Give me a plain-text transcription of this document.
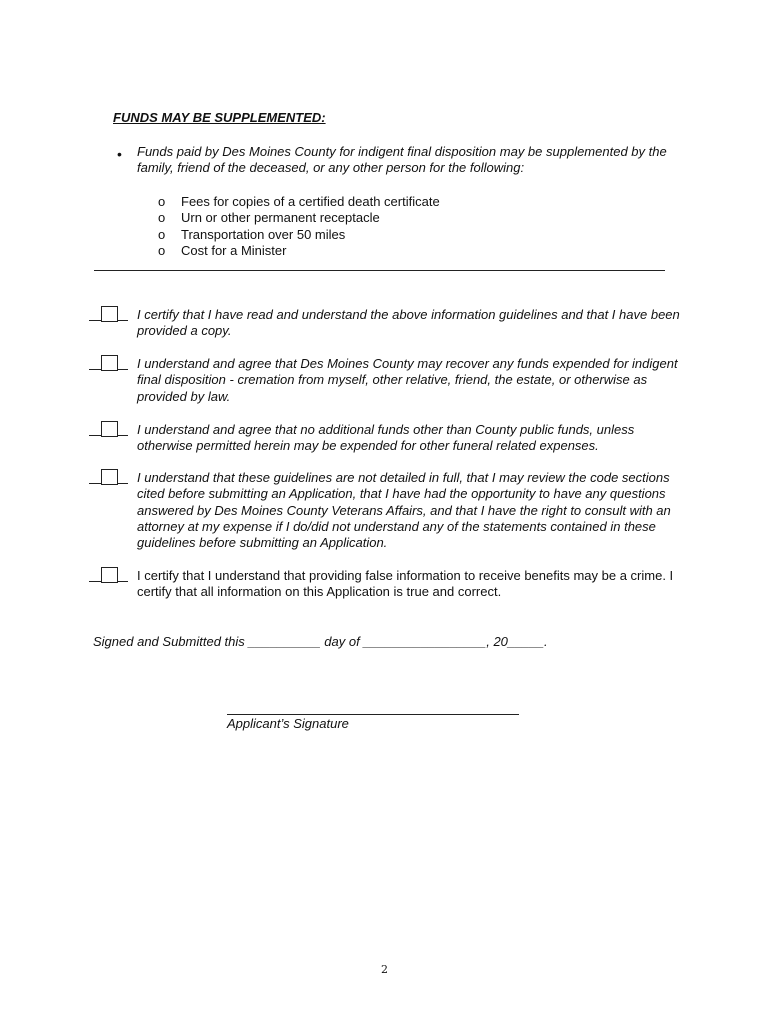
FUNDS MAY BE SUPPLEMENTED:
• Funds paid by Des Moines County for indigent final disposition may be supplemented by the family, friend of the deceased, or any other person for the following:
o Fees for copies of a certified death certificate
o Urn or other permanent receptacle
o Transportation over 50 miles
o Cost for a Minister
I certify that I have read and understand the above information guidelines and that I have been provided a copy.
I understand and agree that Des Moines County may recover any funds expended for indigent final disposition - cremation from myself, other relative, friend, the estate, or otherwise as provided by law.
I understand and agree that no additional funds other than County public funds, unless otherwise permitted herein may be expended for other funeral related expenses.
I understand that these guidelines are not detailed in full, that I may review the code sections cited before submitting an Application, that I have had the opportunity to have any questions answered by Des Moines County Veterans Affairs, and that I have the right to consult with an attorney at my expense if I do/did not understand any of the statements contained in these guidelines before submitting an Application.
I certify that I understand that providing false information to receive benefits may be a crime. I certify that all information on this Application is true and correct.
Signed and Submitted this __________ day of _________________, 20_____.
Applicant’s Signature
2
